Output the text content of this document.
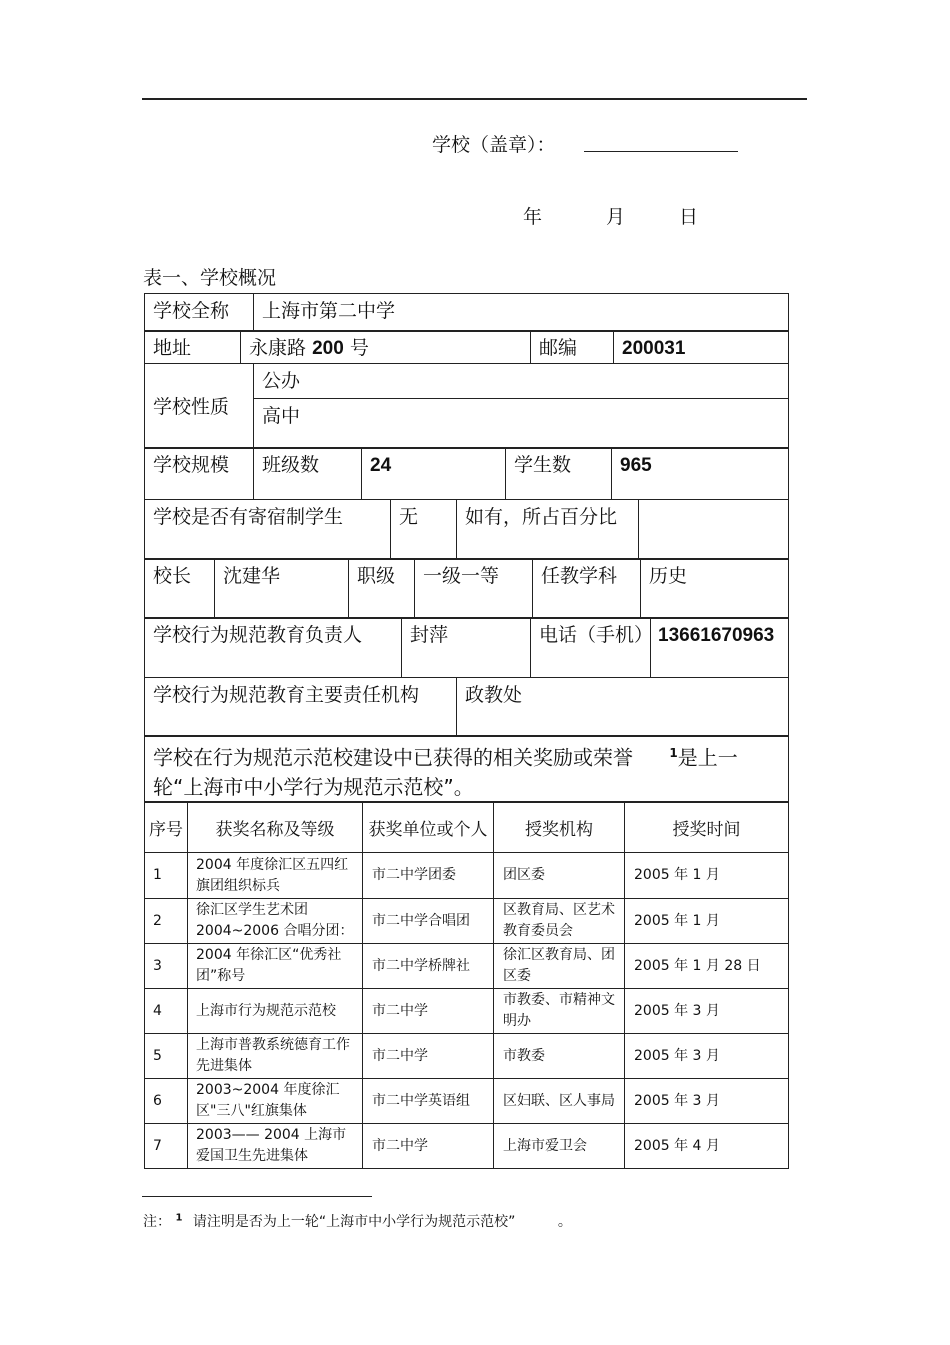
学校（盖章）：
年	月	日
表一、学校概况
学校全称	上海市第二中学
地址	永康路 200 号	邮编	200031
学校性质	公办
高中
学校规模	班级数	24	学生数	965
学校是否有寄宿制学生	无	如有，所占百分比	
校长	沈建华	职级	一级一等	任教学科	历史
学校行为规范教育负责人	封萍	电话（手机）	13661670963
学校行为规范教育主要责任机构	政教处
学校在行为规范示范校建设中已获得的相关奖励或荣誉	$^1$是上一轮“上海市中小学行为规范示范校”。
序号	获奖名称及等级	获奖单位或个人	授奖机构	授奖时间
1	2004 年度徐汇区五四红旗团组织标兵	市二中学团委	团区委	2005 年 1 月
2	徐汇区学生艺术团2004~2006 合唱分团：	市二中学合唱团	区教育局、区艺术教育委员会	2005 年 1 月
3	2004 年徐汇区“优秀社团”称号	市二中学桥牌社	徐汇区教育局、团区委	2005 年 1 月 28 日
4	上海市行为规范示范校	市二中学	市教委、市精神文明办	2005 年 3 月
5	上海市普教系统德育工作先进集体	市二中学	市教委	2005 年 3 月
6	2003~2004 年度徐汇区"三八"红旗集体	市二中学英语组	区妇联、区人事局	2005 年 3 月
7	2003—— 2004 上海市爱国卫生先进集体	市二中学	上海市爱卫会	2005 年 4 月
注： $^1$ 请注明是否为上一轮“上海市中小学行为规范示范校”	。
